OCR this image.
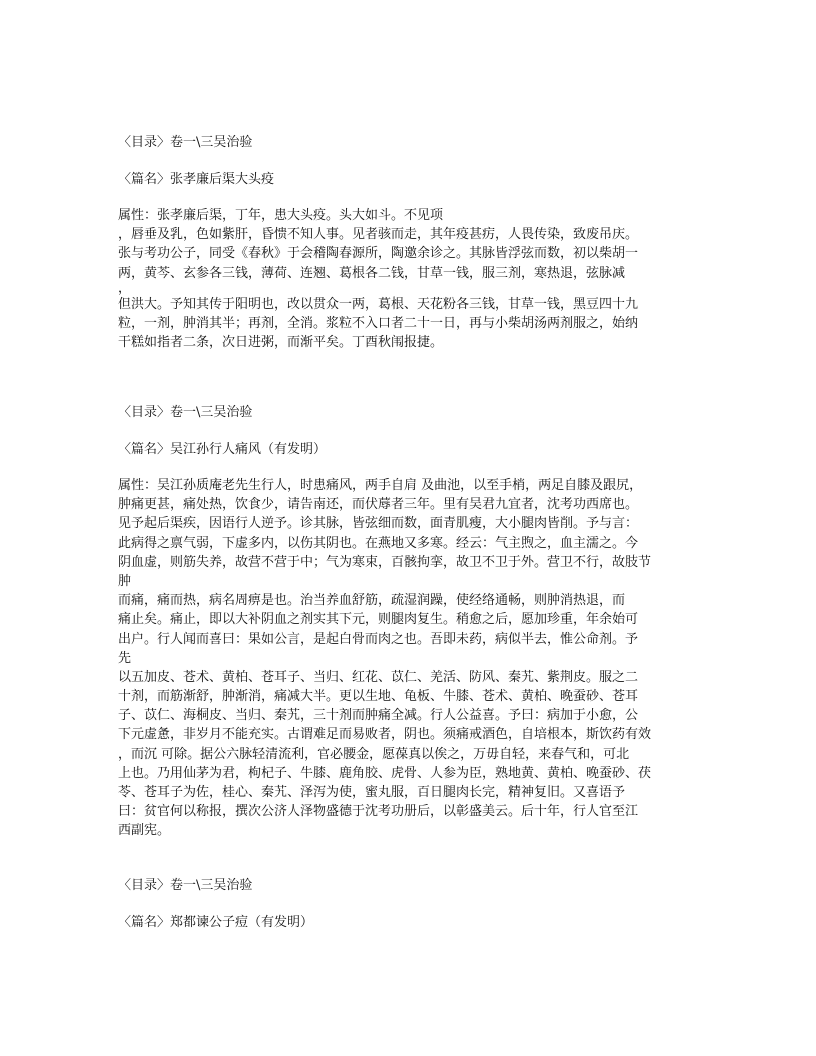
〈目录〉卷一\三吴治验
〈篇名〉张孝廉后渠大头疫
属性：张孝廉后渠，丁年，患大头疫。头大如斗。不见项
，唇垂及乳，色如紫肝，昏愦不知人事。见者骇而走，其年疫甚疠，人畏传染，致废吊庆。
张与考功公子，同受《春秋》于会稽陶春源所，陶邀余诊之。其脉皆浮弦而数，初以柴胡一
两，黄芩、玄参各三钱，薄荷、连翘、葛根各二钱，甘草一钱，服三剂，寒热退，弦脉减
，
但洪大。予知其传于阳明也，改以贯众一两，葛根、天花粉各三钱，甘草一钱，黑豆四十九
粒，一剂，肿消其半；再剂，全消。浆粒不入口者二十一日，再与小柴胡汤两剂服之，始纳
干糕如指者二条，次日进粥，而渐平矣。丁酉秋闱报捷。
〈目录〉卷一\三吴治验
〈篇名〉吴江孙行人痛风（有发明）
属性：吴江孙质庵老先生行人，时患痛风，两手自肩 及曲池，以至手梢，两足自膝及跟尻，
肿痛更甚，痛处热，饮食少，请告南还，而伏蓐者三年。里有吴君九宜者，沈考功西席也。
见予起后渠疾，因语行人逆予。诊其脉，皆弦细而数，面青肌瘦，大小腿肉皆削。予与言：
此病得之禀气弱，下虚多内，以伤其阴也。在燕地又多寒。经云：气主煦之，血主濡之。今
阴血虚，则筋失养，故营不营于中；气为寒束，百骸拘挛，故卫不卫于外。营卫不行，故肢节
肿
而痛，痛而热，病名周痹是也。治当养血舒筋，疏湿润躁，使经络通畅，则肿消热退，而
痛止矣。痛止，即以大补阴血之剂实其下元，则腿肉复生。稍愈之后，愿加珍重，年余始可
出户。行人闻而喜曰：果如公言，是起白骨而肉之也。吾即未药，病似半去，惟公命剂。予
先
以五加皮、苍术、黄柏、苍耳子、当归、红花、苡仁、羌活、防风、秦艽、紫荆皮。服之二
十剂，而筋渐舒，肿渐消，痛减大半。更以生地、龟板、牛膝、苍术、黄柏、晚蚕砂、苍耳
子、苡仁、海桐皮、当归、秦艽，三十剂而肿痛全减。行人公益喜。予曰：病加于小愈，公
下元虚惫，非岁月不能充实。古谓难足而易败者，阴也。须痛戒酒色，自培根本，斯饮药有效
，而沉 可除。据公六脉轻清流利，官必腰金，愿葆真以俟之，万毋自轻，来春气和，可北
上也。乃用仙茅为君，枸杞子、牛膝、鹿角胶、虎骨、人参为臣，熟地黄、黄柏、晚蚕砂、茯
苓、苍耳子为佐，桂心、秦艽、泽泻为使，蜜丸服，百日腿肉长完，精神复旧。又喜语予
曰：贫官何以称报，撰次公济人泽物盛德于沈考功册后，以彰盛美云。后十年，行人官至江
西副宪。
〈目录〉卷一\三吴治验
〈篇名〉郑都谏公子痘（有发明）
